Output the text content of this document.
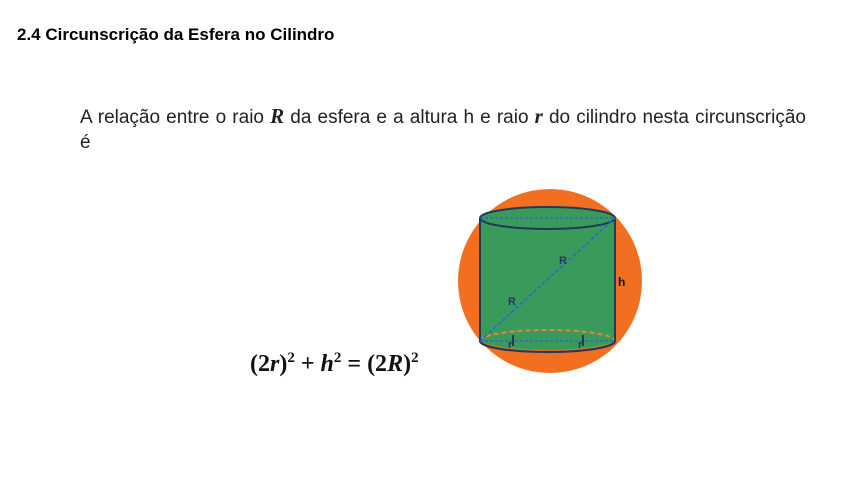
2.4 Circunscrição da Esfera no Cilindro
A relação entre o raio R da esfera e a altura h e raio r do cilindro nesta circunscrição é
$(2r)^2 + h^2 = (2R)^2$
R
R
h
r	r
